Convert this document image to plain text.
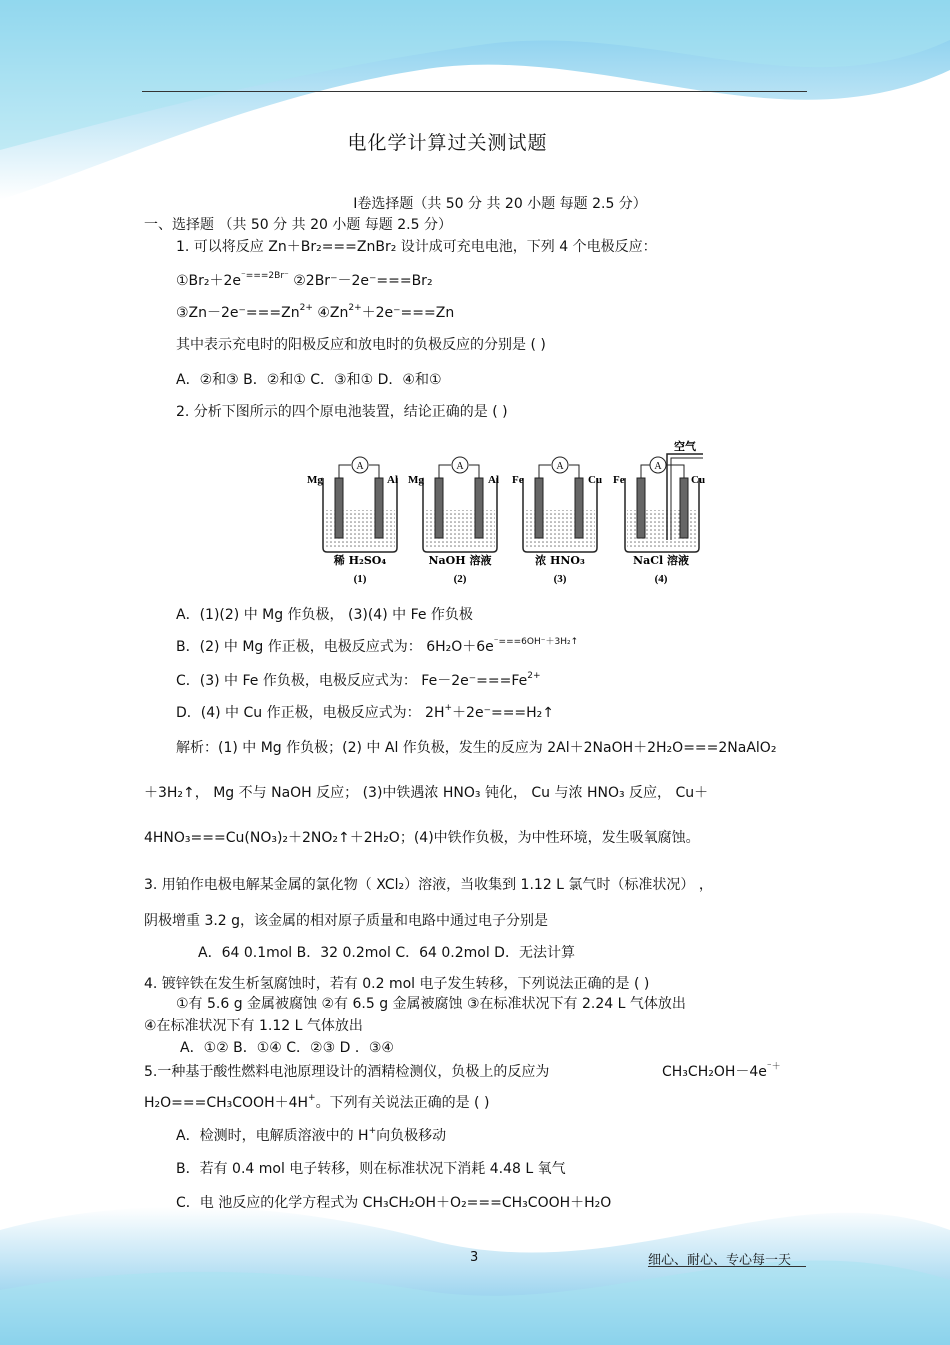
电化学计算过关测试题
Ⅰ卷选择题（共 50 分 共 20 小题 每题 2.5 分）
一、选择题 （共 50 分 共 20 小题 每题 2.5 分）
1. 可以将反应 Zn＋Br₂===ZnBr₂ 设计成可充电电池，下列 4 个电极反应：
$①Br_2+2e^{^-===2Br^-}$ ②2Br⁻－2e⁻===Br₂
$③Zn-2e^-===Zn^{2+}$ $④Zn^{2+}+2e^-===Zn$
其中表示充电时的阳极反应和放电时的负极反应的分别是 ( )
A．②和③ B．②和① C．③和① D．④和①
2. 分析下图所示的四个原电池装置，结论正确的是 ( )
A
Mg	Al
稀 H₂SO₄
(1)
A
Mg	Al
NaOH 溶液
(2)
A
Fe	Cu
浓 HNO₃
(3)
A
空气
Fe	Cu
NaCl 溶液
(4)
A．(1)(2) 中 Mg 作负极， (3)(4) 中 Fe 作负极
B．(2) 中 Mg 作正极，电极反应式为： $6H_2O+6e^{^-===6OH^-+3H_2↑}$
C．(3) 中 Fe 作负极，电极反应式为： $Fe-2e^-===Fe^{2+}$
D．(4) 中 Cu 作正极，电极反应式为： 2H+＋2e⁻===H₂↑
解析：(1) 中 Mg 作负极；(2) 中 Al 作负极，发生的反应为 2Al＋2NaOH＋2H₂O===2NaAlO₂
＋3H₂↑， Mg 不与 NaOH 反应； (3)中铁遇浓 HNO₃ 钝化， Cu 与浓 HNO₃ 反应， Cu＋
4HNO₃===Cu(NO₃)₂＋2NO₂↑＋2H₂O；(4)中铁作负极，为中性环境，发生吸氧腐蚀。
3. 用铂作电极电解某金属的氯化物（ XCl₂）溶液，当收集到 1.12 L 氯气时（标准状况） ，
阴极增重 3.2 g，该金属的相对原子质量和电路中通过电子分别是
A．64 0.1mol B．32 0.2mol C．64 0.2mol D．无法计算
4. 镀锌铁在发生析氢腐蚀时，若有 0.2 mol 电子发生转移，下列说法正确的是 ( )
①有 5.6 g 金属被腐蚀 ②有 6.5 g 金属被腐蚀 ③在标准状况下有 2.24 L 气体放出
④在标准状况下有 1.12 L 气体放出
A．①② B．①④ C．②③ D ．③④
5.一种基于酸性燃料电池原理设计的酒精检测仪，负极上的反应为	CH₃CH₂OH－4e⁻＋
H₂O===CH₃COOH＋4H+。下列有关说法正确的是 ( )
A．检测时，电解质溶液中的 H+向负极移动
B．若有 0.4 mol 电子转移，则在标准状况下消耗 4.48 L 氧气
C．电 池反应的化学方程式为 CH₃CH₂OH＋O₂===CH₃COOH＋H₂O
3	细心、耐心、专心每一天
